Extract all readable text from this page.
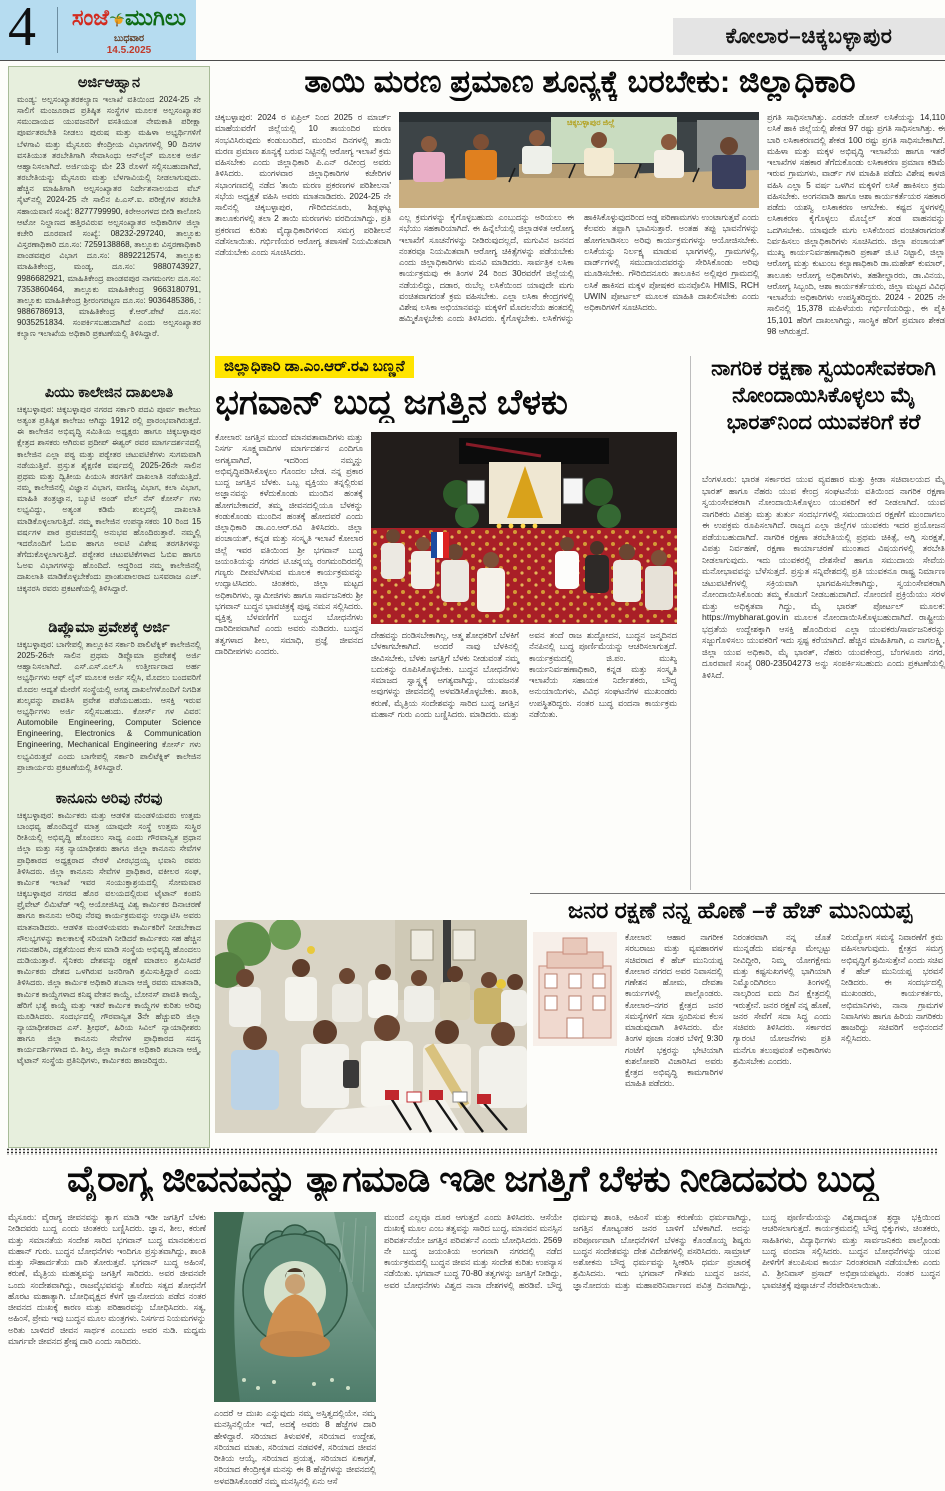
4	ಸಂಜೆ ಮುಗಿಲು
ಬುಧವಾರ
14.5.2025
ಕೋಲಾರ–ಚಿಕ್ಕಬಳ್ಳಾಪುರ
ಅರ್ಜಿಆಹ್ವಾನ
ಮಂಡ್ಯ: ಅಲ್ಪಸಂಖ್ಯಾತರಕಲ್ಯಾಣ ಇಲಾಖೆ ವತಿಯಿಂದ 2024-25 ನೇ ಸಾಲಿಗೆ ಮಂಜೂರಾದ ಪ್ರತಿಷ್ಠಿತ ಸಂಸ್ಥೆಗಳ ಮೂಲಕ ಅಲ್ಪಸಂಖ್ಯಾತರ ಸಮುದಾಯದ ಯುವಜನರಿಗೆ ವಸತಿಯುತ ನೇಮಕಾತಿ ಪರೀಕ್ಷಾ ಪೂರ್ವತರಬೇತಿ ನೀಡಲು ಪುರುಷ ಮತ್ತು ಮಹಿಳಾ ಅಭ್ಯರ್ಥಿಗಳಿಗೆ ಬೆಳಗಾವಿ ಮತ್ತು ಮೈಸೂರು ಕೇಂದ್ರೀಯ ವಿಭಾಗಗಳಲ್ಲಿ 90 ದಿನಗಳ ವಸತಿಯುತ ತರಬೇತಿಗಾಗಿ ಸೇವಾಸಿಂಧು ಆನ್‌ಲೈನ್ ಮೂಲಕ ಅರ್ಜಿ ಆಹ್ವಾನಿಸಲಾಗಿದೆ. ಅರ್ಜಿಯನ್ನು ಮೇ 23 ರೊಳಗೆ ಸಲ್ಲಿಸಬಹುದಾಗಿದೆ, ತರಬೇತಿಯನ್ನು ಮೈಸೂರು ಮತ್ತು ಬೆಳಗಾವಿಯಲ್ಲಿ ನೀಡಲಾಗುವುದು. ಹೆಚ್ಚಿನ ಮಾಹಿತಿಗಾಗಿ ಅಲ್ಪಸಂಖ್ಯಾತರ ನಿರ್ದೇಶನಾಲಯದ ವೆಬ್ ಸೈಟ್‌ನಲ್ಲಿ 2024-25 ನೇ ಸಾಲಿನ ಪಿ.ಎಸ್.ಐ. ಪರೀಕ್ಷೆಗಳ ತರಬೇತಿ ಸಹಾಯವಾಣಿ ಸಂಖ್ಯೆ: 8277799990, ಕಿರೇಅಂಗಳದ ಬೀಡಿ ಕಾಲೋನಿ ಆಟೋ ನಿಲ್ದಾಣದ ಹತ್ತಿರವಿರುವ ಅಲ್ಪಸಂಖ್ಯಾತರ ಅಧಿಕಾರಿಗಳ ಜಿಲ್ಲಾ ಕಚೇರಿ ದೂರವಾಣಿ ಸಂಖ್ಯೆ: 08232-297240, ತಾಲ್ಲೂಕು ವಿಸ್ತರಣಾಧಿಕಾರಿ ದೂ.ಸಂ: 7259138868, ತಾಲ್ಲೂಕು ವಿಸ್ತರಣಾಧಿಕಾರಿ ಪಾಂಡವಪುರ ವಿಭಾಗ ದೂ.ಸಂ: 8892212574, ತಾಲ್ಲೂಕು ಮಾಹಿತಿಕೇಂದ್ರ, ಮಂಡ್ಯ, ದೂ.ಸಂ: 9880743927, 9986682921, ಮಾಹಿತಿಕೇಂದ್ರ ಪಾಂಡವಪುರ ನಾಗಮಂಗಲ ದೂ.ಸಂ: 7353860464, ತಾಲ್ಲೂಕು ಮಾಹಿತಿಕೇಂದ್ರ 9663180791, ತಾಲ್ಲೂಕು ಮಾಹಿತಿಕೇಂದ್ರ ಶ್ರೀರಂಗಪಟ್ಟಣ ದೂ.ಸಂ: 9036485386, : 9886786913, ಮಾಹಿತಿಕೇಂದ್ರ ಕೆ.ಆರ್.ಪೇಟೆ ದೂ.ಸಂ: 9035251834. ಸಂಪರ್ಕಿಸಬಹುದಾಗಿದೆ ಎಂದು ಅಲ್ಪಸಂಖ್ಯಾತರ ಕಲ್ಯಾಣ ಇಲಾಖೆಯ ಅಧಿಕಾರಿ ಪ್ರಕಟಣೆಯಲ್ಲಿ ತಿಳಿಸಿದ್ದಾರೆ.
ಪಿಯು ಕಾಲೇಜಿನ ದಾಖಲಾತಿ
ಚಿಕ್ಕಬಳ್ಳಾಪುರ: ಚಿಕ್ಕಬಳ್ಳಾಪುರ ನಗರದ ಸರ್ಕಾರಿ ಪದವಿ ಪೂರ್ವ ಕಾಲೇಜು ಅತ್ಯಂತ ಪ್ರತಿಷ್ಠಿತ ಕಾಲೇಜು ಆಗಿದ್ದು 1912 ರಲ್ಲಿ ಪ್ರಾರಂಭವಾಗಿರುತ್ತದೆ. ಈ ಕಾಲೇಜಿನ ಅಭಿವೃದ್ಧಿ ಸಮಿತಿಯ ಅಧ್ಯಕ್ಷರು ಹಾಗೂ ಚಿಕ್ಕಬಳ್ಳಾಪುರ ಕ್ಷೇತ್ರದ ಶಾಸಕರು ಆಗಿರುವ ಪ್ರದೀಪ್ ಈಶ್ವರ್ ರವರ ಮಾರ್ಗದರ್ಶನದಲ್ಲಿ ಕಾಲೇಜಿನ ಎಲ್ಲಾ ಪಠ್ಯ ಮತ್ತು ಪಠ್ಯೇತರ ಚಟುವಟಿಕೆಗಳು ಸುಗಮವಾಗಿ ನಡೆಯುತ್ತಿವೆ. ಪ್ರಸ್ತುತ ಶೈಕ್ಷಣಿಕ ವರ್ಷದಲ್ಲಿ 2025-26ನೇ ಸಾಲಿನ ಪ್ರಥಮ ಮತ್ತು ದ್ವಿತೀಯ ಪಿಯುಸಿ ತರಗತಿಗೆ ದಾಖಲಾತಿ ನಡೆಯುತ್ತಿದೆ. ನಮ್ಮ ಕಾಲೇಜಿನಲ್ಲಿ ವಿಜ್ಞಾನ ವಿಭಾಗ, ವಾಣಿಜ್ಯ ವಿಭಾಗ, ಕಲಾ ವಿಭಾಗ, ಮಾಹಿತಿ ತಂತ್ರಜ್ಞಾನ, ಬ್ಯೂಟಿ ಅಂಡ್ ವೆಲ್ ನೆಸ್ ಕೋರ್ಸ್ ಗಳು ಲಭ್ಯವಿದ್ದು, ಅತ್ಯಂತ ಕಡಿಮೆ ಶುಲ್ಕದಲ್ಲಿ ದಾಖಲಾತಿ ಮಾಡಿಕೊಳ್ಳಲಾಗುತ್ತಿದೆ. ನಮ್ಮ ಕಾಲೇಜಿನ ಉಪನ್ಯಾಸಕರು 10 ರಿಂದ 15 ವರ್ಷಗಳ ಪಾಠ ಪ್ರವಚನದಲ್ಲಿ ಅನುಭವ ಹೊಂದಿರುತ್ತಾರೆ. ನಮ್ಮಲ್ಲಿ ಇದರೊಂದಿಗೆ ಓಬಿಐ ಹಾಗೂ ಅಐಟಿ ವಿಶೇಷ ತರಗತಿಗಳನ್ನು ತೆಗೆದುಕೊಳ್ಳಲಾಗುತ್ತಿದೆ. ಪಠ್ಯೇತರ ಚಟುವಟಿಕೆಗಳಾದ ಓಬಿಐ ಹಾಗೂ ಓಅಐ ವಿಭಾಗಗಳನ್ನು ಹೊಂದಿದೆ. ಆದ್ದರಿಂದ ನಮ್ಮ ಕಾಲೇಜಿನಲ್ಲಿ ದಾಖಲಾತಿ ಮಾಡಿಕೊಳ್ಳಬೇಕೆಂದು ಪ್ರಾಂಶುಪಾಲರಾದ ಬಸವರಾಜ ಎಚ್. ಚಿಕ್ಕನರಸಿ ರವರು ಪ್ರಕಟಣೆಯಲ್ಲಿ ತಿಳಿಸಿದ್ದಾರೆ.
ಡಿಪ್ಲೊಮಾ ಪ್ರವೇಶಕ್ಕೆ ಅರ್ಜಿ
ಚಿಕ್ಕಬಳ್ಳಾಪುರ: ಬಾಗೇಪಲ್ಲಿ ತಾಲ್ಲೂಕಿನ ಸರ್ಕಾರಿ ಪಾಲಿಟೆಕ್ನಿಕ್ ಕಾಲೇಜಿನಲ್ಲಿ 2025-26ನೇ ಸಾಲಿನ ಪ್ರಥಮ ಡಿಪ್ಲೊಮಾ ಪ್ರವೇಶಕ್ಕೆ ಅರ್ಜಿ ಆಹ್ವಾನಿಸಲಾಗಿದೆ. ಎಸ್.ಎಸ್.ಎಲ್.ಸಿ ಉತ್ತೀರ್ಣರಾದ ಅರ್ಹ ಅಭ್ಯರ್ಥಿಗಳು ಆಫ್ ಲೈನ್ ಮೂಲಕ ಅರ್ಜಿ ಸಲ್ಲಿಸಿ, ಮೊದಲು ಬಂದವರಿಗೆ ಮೊದಲ ಆದ್ಯತೆ ಮೇರೆಗೆ ಸಂಸ್ಥೆಯಲ್ಲಿ ಅಗತ್ಯ ದಾಖಲೆಗಳೊಂದಿಗೆ ನಿಗದಿತ ಶುಲ್ಕವನ್ನು ಪಾವತಿಸಿ ಪ್ರವೇಶ ಪಡೆಯಬಹುದು. ಆಸಕ್ತಿ ಇರುವ ಅಭ್ಯರ್ಥಿಗಳು ಅರ್ಜಿ ಸಲ್ಲಿಸಬಹುದು. ಕೋರ್ಸ್ ಗಳ ವಿವರ: Automobile Engineering, Computer Science Engineering, Electronics & Communication Engineering, Mechanical Engineering ಕೋರ್ಸ್ ಗಳು ಲಭ್ಯವಿರುತ್ತವೆ ಎಂದು ಬಾಗೇಪಲ್ಲಿ ಸರ್ಕಾರಿ ಪಾಲಿಟೆಕ್ನಿಕ್ ಕಾಲೇಜಿನ ಪ್ರಾಚಾರ್ಯರು ಪ್ರಕಟಣೆಯಲ್ಲಿ ತಿಳಿಸಿದ್ದಾರೆ.
ಕಾನೂನು ಅರಿವು ನೆರವು
ಚಿಕ್ಕಬಳ್ಳಾಪುರ: ಕಾರ್ಮಿಕರು ಮತ್ತು ಆಡಳಿತ ಮಂಡಳಿಯವರು ಉತ್ತಮ ಬಾಂಧವ್ಯ ಹೊಂದಿದ್ದರೆ ಮಾತ್ರ ಯಾವುದೇ ಸಂಸ್ಥೆ ಉತ್ತಮ ಸುಸ್ಥಿರ ರೀತಿಯಲ್ಲಿ ಅಭಿವೃದ್ಧಿ ಹೊಂದಲು ಸಾಧ್ಯ ಎಂದು ಗೌರವಾನ್ವಿತ ಪ್ರಧಾನ ಜಿಲ್ಲಾ ಮತ್ತು ಸತ್ರ ನ್ಯಾಯಾಧೀಶರು ಹಾಗೂ ಜಿಲ್ಲಾ ಕಾನೂನು ಸೇವೆಗಳ ಪ್ರಾಧಿಕಾರದ ಅಧ್ಯಕ್ಷರಾದ ನೇರಳೆ ವೀರಭದ್ರಯ್ಯ ಭವಾನಿ ರವರು ತಿಳಿಸಿದರು. ಜಿಲ್ಲಾ ಕಾನೂನು ಸೇವೆಗಳ ಪ್ರಾಧಿಕಾರ, ವಕೀಲರ ಸಂಘ, ಕಾರ್ಮಿಕ ಇಲಾಖೆ ಇವರ ಸಂಯುಕ್ತಾಶ್ರಯದಲ್ಲಿ ಸೋಮವಾರ ಚಿಕ್ಕಬಳ್ಳಾಪುರ ನಗರದ ಹೊರ ವಲಯದಲ್ಲಿರುವ ಟೈಟಾನ್ ಕಂಪನಿ ಪ್ರೈವೇಟ್ ಲಿಮಿಟೆಡ್ ಇಲ್ಲಿ ಆಯೋಜಿಸಿದ್ದ ವಿಶ್ವ ಕಾರ್ಮಿಕರ ದಿನಾಚರಣೆ ಹಾಗೂ ಕಾನೂನು ಅರಿವು ನೆರವು ಕಾರ್ಯಕ್ರಮವನ್ನು ಉದ್ಘಾಟಿಸಿ ಅವರು ಮಾತನಾಡಿದರು. ಆಡಳಿತ ಮಂಡಳಿಯವರು ಕಾರ್ಮಿಕರಿಗೆ ನೀಡಬೇಕಾದ ಸೌಲಭ್ಯಗಳನ್ನು ಕಾಲಕಾಲಕ್ಕೆ ಸರಿಯಾಗಿ ನೀಡಿದರೆ ಕಾರ್ಮಿಕರು ಸಹ ಹೆಚ್ಚಿನ ಗಮನಹರಿಸಿ, ದಕ್ಷತೆಯಿಂದ ಕೆಲಸ ಮಾಡಿ ಸಂಸ್ಥೆಯ ಅಭಿವೃದ್ಧಿ ಹೊಂದಲು ದುಡಿಯುತ್ತಾರೆ. ಸೈನಿಕರು ದೇಶವನ್ನು ರಕ್ಷಣೆ ಮಾಡಲು ಶ್ರಮಿಸಿದರೆ ಕಾರ್ಮಿಕರು ದೇಶದ ಒಳಗಿರುವ ಜನರಿಗಾಗಿ ಶ್ರಮಿಸುತ್ತಿದ್ದಾರೆ ಎಂದು ತಿಳಿಸಿದರು. ಜಿಲ್ಲಾ ಕಾರ್ಮಿಕ ಅಧಿಕಾರಿ ಶಬಾನಾ ಆಜ್ಮಿ ರವರು ಮಾತನಾಡಿ, ಕಾರ್ಮಿಕ ಕಾಯ್ದೆಗಳಾದ ಕನಿಷ್ಠ ವೇತನ ಕಾಯ್ದೆ, ಬೋನಸ್ ಪಾವತಿ ಕಾಯ್ದೆ, ಹೆರಿಗೆ ಭತ್ಯೆ ಕಾಯ್ದೆ ಮತ್ತು ಇತರೆ ಕಾರ್ಮಿಕ ಕಾಯ್ದೆಗಳ ಕುರಿತು ಅರಿವು ಮೂಡಿಸಿದರು. ಸಂದರ್ಭದಲ್ಲಿ ಗೌರವಾನ್ವಿತ 3ನೇ ಹೆಚ್ಚುವರಿ ಜಿಲ್ಲಾ ನ್ಯಾಯಾಧೀಶರಾದ ಎಸ್. ಶ್ರೀಧರ್, ಹಿರಿಯ ಸಿವಿಲ್ ನ್ಯಾಯಾಧೀಶರು ಹಾಗೂ ಜಿಲ್ಲಾ ಕಾನೂನು ಸೇವೆಗಳ ಪ್ರಾಧಿಕಾರದ ಸದಸ್ಯ ಕಾರ್ಯದರ್ಶಿಗಳಾದ ಬಿ. ಶಿಲ್ಪ, ಜಿಲ್ಲಾ ಕಾರ್ಮಿಕ ಅಧಿಕಾರಿ ಶಬಾನಾ ಆಜ್ಮಿ, ಟೈಟಾನ್ ಸಂಸ್ಥೆಯ ಪ್ರತಿನಿಧಿಗಳು, ಕಾರ್ಮಿಕರು ಹಾಜರಿದ್ದರು.
ತಾಯಿ ಮರಣ ಪ್ರಮಾಣ ಶೂನ್ಯಕ್ಕೆ ಬರಬೇಕು: ಜಿಲ್ಲಾಧಿಕಾರಿ
ಚಿಕ್ಕಬಳ್ಳಾಪುರ: 2024 ರ ಏಪ್ರಿಲ್ ನಿಂದ 2025 ರ ಮಾರ್ಚ್ ಮಾಹೆಯವರೆಗೆ ಜಿಲ್ಲೆಯಲ್ಲಿ 10 ತಾಯಂದಿರ ಮರಣ ಸಂಭವಿಸಿರುವುದು ಕಂಡುಬಂದಿದೆ, ಮುಂದಿನ ದಿನಗಳಲ್ಲಿ ತಾಯಿ ಮರಣ ಪ್ರಮಾಣ ಶೂನ್ಯಕ್ಕೆ ಬರುವ ನಿಟ್ಟಿನಲ್ಲಿ ಆರೋಗ್ಯ ಇಲಾಖೆ ಕ್ರಮ ವಹಿಸಬೇಕು ಎಂದು ಜಿಲ್ಲಾಧಿಕಾರಿ ಪಿ.ಎನ್ ರವೀಂದ್ರ ಅವರು ತಿಳಿಸಿದರು. ಮಂಗಳವಾರ ಜಿಲ್ಲಾಧಿಕಾರಿಗಳ ಕಚೇರಿಗಳ ಸಭಾಂಗಣದಲ್ಲಿ ನಡೆದ 'ತಾಯಿ ಮರಣ ಪ್ರಕರಣಗಳ ಪರಿಶೀಲನಾ' ಸಭೆಯ ಅಧ್ಯಕ್ಷತೆ ವಹಿಸಿ ಅವರು ಮಾತನಾಡಿದರು. 2024-25 ನೇ ಸಾಲಿನಲ್ಲಿ ಚಿಕ್ಕಬಳ್ಳಾಪುರ, ಗೌರಿಬಿದನೂರು, ಶಿಡ್ಲಘಟ್ಟ ತಾಲೂಕುಗಳಲ್ಲಿ ತಲಾ 2 ತಾಯಿ ಮರಣಗಳು ವರದಿಯಾಗಿದ್ದು, ಪ್ರತಿ ಪ್ರಕರಣದ ಕುರಿತು ವೈದ್ಯಾಧಿಕಾರಿಗಳಿಂದ ಸಮಗ್ರ ಪರಿಶೀಲನೆ ನಡೆಸಲಾಯಿತು. ಗರ್ಭಿಣಿಯರ ಆರೋಗ್ಯ ತಪಾಸಣೆ ನಿಯಮಿತವಾಗಿ ನಡೆಯಬೇಕು ಎಂದು ಸೂಚಿಸಿದರು.
ಚಿಕ್ಕಬಳ್ಳಾಪುರ ಜಿಲ್ಲೆ
ಎಲ್ಲ ಕ್ರಮಗಳನ್ನು ಕೈಗೊಳ್ಳಬಹುದು ಎಂಬುದನ್ನು ಅರಿಯಲು ಈ ಸಭೆಯು ಸಹಕಾರಿಯಾಗಿದೆ. ಈ ಹಿನ್ನೆಲೆಯಲ್ಲಿ ಜಿಲ್ಲಾಡಳಿತ ಆರೋಗ್ಯ ಇಲಾಖೆಗೆ ಸೂಚನೆಗಳನ್ನು ನೀಡಿರುವುದಲ್ಲದೆ, ಮಗುವಿನ ಜನನದ ನಂತರವೂ ನಿಯಮಿತವಾಗಿ ಆರೋಗ್ಯ ಚಿಕಿತ್ಸೆಗಳನ್ನು ಪಡೆಯಬೇಕು ಎಂದು ಜಿಲ್ಲಾಧಿಕಾರಿಗಳು ಮನವಿ ಮಾಡಿದರು. ಸಾರ್ವತ್ರಿಕ ಲಸಿಕಾ ಕಾರ್ಯಕ್ರಮವು ಈ ತಿಂಗಳ 24 ರಿಂದ 30ರವರೆಗೆ ಜಿಲ್ಲೆಯಲ್ಲಿ ನಡೆಯಲಿದ್ದು, ದಡಾರ, ರುಬೆಲ್ಲ ಲಸಿಕೆಯಿಂದ ಯಾವುದೇ ಮಗು ವಂಚಿತವಾಗದಂತೆ ಕ್ರಮ ವಹಿಸಬೇಕು. ಎಲ್ಲಾ ಲಸಿಕಾ ಕೇಂದ್ರಗಳಲ್ಲಿ ವಿಶೇಷ ಲಸಿಕಾ ಅಭಿಯಾನವನ್ನು ಮಕ್ಕಳಿಗೆ ಮೊದಲನೆಯ ಹಂತದಲ್ಲಿ ಹಮ್ಮಿಕೊಳ್ಳಬೇಕು ಎಂದು ತಿಳಿಸಿದರು. ಕೈಗೊಳ್ಳಬೇಕು. ಲಸಿಕೆಗಳನ್ನು ಹಾಕಿಸಿಕೊಳ್ಳುವುದರಿಂದ ಅಡ್ಡ ಪರಿಣಾಮಗಳು ಉಂಟಾಗುತ್ತವೆ ಎಂದು ಕೆಲವರು ತಪ್ಪಾಗಿ ಭಾವಿಸುತ್ತಾರೆ. ಅಂತಹ ತಪ್ಪು ಭಾವನೆಗಳನ್ನು ಹೋಗಲಾಡಿಸಲು ಅರಿವು ಕಾರ್ಯಕ್ರಮಗಳನ್ನು ಆಯೋಜಿಸಬೇಕು. ಲಸಿಕೆಯನ್ನು ನಿರ್ಲಕ್ಷ್ಯ ಮಾಡುವ ಭಾಗಗಳಲ್ಲಿ, ಗ್ರಾಮಗಳಲ್ಲಿ, ವಾರ್ಡ್‌ಗಳಲ್ಲಿ ಸಮುದಾಯದವರನ್ನು ಸೇರಿಸಿಕೊಂಡು ಅರಿವು ಮೂಡಿಸಬೇಕು. ಗೌರಿಬಿದನೂರು ತಾಲೂಕಿನ ಅಲ್ಲಿಪುರ ಗ್ರಾಮದಲ್ಲಿ ಲಸಿಕೆ ಹಾಕಿಸದ ಮಕ್ಕಳ ಪೋಷಕರ ಮನವೊಲಿಸಿ HMIS, RCH UWIN ಪೋರ್ಟಲ್ ಮೂಲಕ ಮಾಹಿತಿ ದಾಖಲಿಸಬೇಕು ಎಂದು ಅಧಿಕಾರಿಗಳಿಗೆ ಸೂಚಿಸಿದರು.
ಪ್ರಗತಿ ಸಾಧಿಸಲಾಗಿತ್ತು. ಎರಡನೇ ಡೋಸ್ ಲಸಿಕೆಯನ್ನು 14,110 ಲಸಿಕೆ ಹಾಕಿ ಜಿಲ್ಲೆಯಲ್ಲಿ ಶೇಕಡ 97 ರಷ್ಟು ಪ್ರಗತಿ ಸಾಧಿಸಲಾಗಿತ್ತು. ಈ ಬಾರಿ ಲಸಿಕಾಕರಣದಲ್ಲಿ ಶೇಕಡ 100 ರಷ್ಟು ಪ್ರಗತಿ ಸಾಧಿಸಬೇಕಾಗಿದೆ. ಮಹಿಳಾ ಮತ್ತು ಮಕ್ಕಳ ಅಭಿವೃದ್ಧಿ ಇಲಾಖೆಯ ಹಾಗೂ ಇತರೆ ಇಲಾಖೆಗಳ ಸಹಕಾರ ತೆಗೆದುಕೊಂಡು ಲಸಿಕಾಕರಣ ಪ್ರಮಾಣ ಕಡಿಮೆ ಇರುವ ಗ್ರಾಮಗಳು, ವಾರ್ಡ್ ಗಳ ಮಾಹಿತಿ ಪಡೆದು ವಿಶೇಷ ಕಾಳಜಿ ವಹಿಸಿ ಎಲ್ಲಾ 5 ವರ್ಷ ಒಳಗಿನ ಮಕ್ಕಳಿಗೆ ಲಸಿಕೆ ಹಾಕಿಸಲು ಕ್ರಮ ವಹಿಸಬೇಕು. ಅಂಗನವಾಡಿ ಹಾಗೂ ಆಶಾ ಕಾರ್ಯಕರ್ತೆಯರ ಸಹಕಾರ ಪಡೆದು ಯಶಸ್ವಿ ಲಸಿಕಾಕರಣ ಆಗಬೇಕು. ಕಷ್ಟದ ಸ್ಥಳಗಳಲ್ಲಿ ಲಸಿಕಾಕರಣ ಕೈಗೊಳ್ಳಲು ಮೊಬೈಲ್ ತಂಡ ವಾಹನವನ್ನು ಒದಗಿಸಬೇಕು. ಯಾವುದೇ ಮಗು ಲಸಿಕೆಯಿಂದ ವಂಚಿತರಾಗದಂತೆ ನಿರ್ವಹಿಸಲು ಜಿಲ್ಲಾಧಿಕಾರಿಗಳು ಸೂಚಿಸಿದರು. ಜಿಲ್ಲಾ ಪಂಚಾಯತ್ ಮುಖ್ಯ ಕಾರ್ಯನಿರ್ವಹಣಾಧಿಕಾರಿ ಪ್ರಕಾಶ್ ಜಿ.ಟಿ ನಿಟ್ಟಾಲಿ, ಜಿಲ್ಲಾ ಆರೋಗ್ಯ ಮತ್ತು ಕುಟುಂಬ ಕಲ್ಯಾಣಾಧಿಕಾರಿ ಡಾ.ಮಹೇಶ್ ಕುಮಾರ್, ತಾಲೂಕು ಆರೋಗ್ಯ ಅಧಿಕಾರಿಗಳು, ತಹಶೀಲ್ದಾರರು, ಡಾ.ವಿನಯ, ಆರೋಗ್ಯ ಸಿಬ್ಬಂದಿ, ಆಶಾ ಕಾರ್ಯಕರ್ತೆಯರು, ಜಿಲ್ಲಾ ಮಟ್ಟದ ವಿವಿಧ ಇಲಾಖೆಯ ಅಧಿಕಾರಿಗಳು ಉಪಸ್ಥಿತರಿದ್ದರು. 2024 - 2025 ನೇ ಸಾಲಿನಲ್ಲಿ 15,378 ಮಹಿಳೆಯರು ಗರ್ಭಿಣಿಯರಿದ್ದು, ಈ ಪೈಕಿ 15,101 ಹೆರಿಗೆ ದಾಖಲಾಗಿದ್ದು, ಸಾಂಸ್ಥಿಕ ಹೆರಿಗೆ ಪ್ರಮಾಣ ಶೇಕಡ 98 ಆಗಿರುತ್ತದೆ.
ಜಿಲ್ಲಾಧಿಕಾರಿ ಡಾ.ಎಂ.ಆರ್.ರವಿ ಬಣ್ಣನೆ
ಭಗವಾನ್ ಬುದ್ದ ಜಗತ್ತಿನ ಬೆಳಕು
ಕೋಲಾರ: ಜಗತ್ತಿನ ಮುಂದೆ ಮಾನವತಾವಾದಿಗಳು ಮತ್ತು ನಿಸರ್ಗ ಸೂಕ್ಷ್ಮವಾದಿಗಳ ಮಾರ್ಗದರ್ಶನ ಎಂದಿಗೂ ಅಗತ್ಯವಾಗಿದೆ, ಇದರಿಂದ ನಮ್ಮನ್ನು ಅಭಿವೃದ್ಧಿಪಡಿಸಿಕೊಳ್ಳಲು ಗೊಂದಲ ಬೇಡ. ನನ್ನ ಪ್ರಕಾರ ಬುದ್ದ ಜಗತ್ತಿನ ಬೆಳಕು. ಒಬ್ಬ ವ್ಯಕ್ತಿಯು ತನ್ನಲ್ಲಿರುವ ಅಜ್ಞಾನವನ್ನು ಕಳೆದುಕೊಂಡು ಮುಂದಿನ ಹಂತಕ್ಕೆ ಹೋಗಬೇಕಾದರೆ, ತಮ್ಮ ಜೀವನದಲ್ಲಿಯೂ ಬೆಳಕನ್ನು ಕಂಡುಕೊಂಡು ಮುಂದಿನ ಹಂತಕ್ಕೆ ಹೋದವರೆ ಎಂದು ಜಿಲ್ಲಾಧಿಕಾರಿ ಡಾ.ಎಂ.ಆರ್.ರವಿ ತಿಳಿಸಿದರು. ಜಿಲ್ಲಾ ಪಂಚಾಯತ್, ಕನ್ನಡ ಮತ್ತು ಸಂಸ್ಕೃತಿ ಇಲಾಖೆ ಕೋಲಾರ ಜಿಲ್ಲೆ ಇವರ ವತಿಯಿಂದ ಶ್ರೀ ಭಗವಾನ್ ಬುದ್ಧ ಜಯಂತಿಯನ್ನು ನಗರದ ಟಿ.ಚನ್ನಯ್ಯ ರಂಗಮಂದಿರದಲ್ಲಿ ಗಣ್ಯರು ದೀಪಬೆಳಗಿಸುವ ಮೂಲಕ ಕಾರ್ಯಕ್ರಮವನ್ನು ಉದ್ಘಾಟಿಸಿದರು. ಚಿಂತಕರು, ಜಿಲ್ಲಾ ಮಟ್ಟದ ಅಧಿಕಾರಿಗಳು, ಸ್ವಾಮೀಜಿಗಳು ಹಾಗೂ ಸಾರ್ವಜನಿಕರು ಶ್ರೀ ಭಗವಾನ್ ಬುದ್ಧನ ಭಾವಚಿತ್ರಕ್ಕೆ ಪುಷ್ಪ ನಮನ ಸಲ್ಲಿಸಿದರು. ವ್ಯಕ್ತಿತ್ವ ಬೆಳವಣಿಗೆಗೆ ಬುದ್ಧನ ಬೋಧನೆಗಳು ದಾರಿದೀಪವಾಗಿವೆ ಎಂದು ಅವರು ನುಡಿದರು. ಬುದ್ಧನ ತತ್ವಗಳಾದ ಶೀಲ, ಸಮಾಧಿ, ಪ್ರಜ್ಞೆ ಜೀವನದ ದಾರಿದೀಪಗಳು ಎಂದರು.
ದೇಹವನ್ನು ದಂಡಿಸಬೇಕಾಗಿಲ್ಲ, ಆತ್ಮ ಶೋಧಕರಿಗೆ ಬೆಳಕಿಗೆ ಬೆಳಕಾಗಬೇಕಾಗಿದೆ. ಅಂದರೆ ನಾವು ಬೆಳಕಿನಲ್ಲಿ ಜೀವಿಸಬೇಕು, ಬೆಳಕು ಜಗತ್ತಿಗೆ ಬೆಳಕು ನೀಡುವಂತೆ ನಮ್ಮ ಬದುಕನ್ನು ರೂಪಿಸಿಕೊಳ್ಳಬೇಕು. ಬುದ್ಧನ ಬೋಧನೆಗಳು ಸಮಾಜದ ಸ್ವಾಸ್ಥ್ಯಕ್ಕೆ ಅಗತ್ಯವಾಗಿದ್ದು, ಯುವಜನತೆ ಅವುಗಳನ್ನು ಜೀವನದಲ್ಲಿ ಅಳವಡಿಸಿಕೊಳ್ಳಬೇಕು. ಶಾಂತಿ, ಕರುಣೆ, ಮೈತ್ರಿಯ ಸಂದೇಶವನ್ನು ಸಾರಿದ ಬುದ್ಧ ಜಗತ್ತಿನ ಮಹಾನ್ ಗುರು ಎಂದು ಬಣ್ಣಿಸಿದರು. ಮಾಡಿದರು. ಮತ್ತು ಅವನ ತಂದೆ ರಾಜ ಶುದ್ಧೋದನ, ಬುದ್ಧನ ಜನ್ಮದಿನದ ನೆನಪಿನಲ್ಲಿ ಬುದ್ಧ ಪೂರ್ಣಿಮೆಯನ್ನು ಆಚರಿಸಲಾಗುತ್ತದೆ. ಕಾರ್ಯಕ್ರಮದಲ್ಲಿ ಜಿ.ಪಂ. ಮುಖ್ಯ ಕಾರ್ಯನಿರ್ವಹಣಾಧಿಕಾರಿ, ಕನ್ನಡ ಮತ್ತು ಸಂಸ್ಕೃತಿ ಇಲಾಖೆಯ ಸಹಾಯಕ ನಿರ್ದೇಶಕರು, ಬೌದ್ಧ ಅನುಯಾಯಿಗಳು, ವಿವಿಧ ಸಂಘಟನೆಗಳ ಮುಖಂಡರು ಉಪಸ್ಥಿತರಿದ್ದರು. ನಂತರ ಬುದ್ಧ ವಂದನಾ ಕಾರ್ಯಕ್ರಮ ನಡೆಯಿತು.
ನಾಗರಿಕ ರಕ್ಷಣಾ ಸ್ವಯಂಸೇವಕರಾಗಿ ನೋಂದಾಯಿಸಿಕೊಳ್ಳಲು ಮೈ ಭಾರತ್‌ನಿಂದ ಯುವಕರಿಗೆ ಕರೆ
ಬೆಂಗಳೂರು: ಭಾರತ ಸರ್ಕಾರದ ಯುವ ವ್ಯವಹಾರ ಮತ್ತು ಕ್ರೀಡಾ ಸಚಿವಾಲಯದ ಮೈ ಭಾರತ್ ಹಾಗೂ ನೆಹರು ಯುವ ಕೇಂದ್ರ ಸಂಘಟನೆಯ ವತಿಯಿಂದ ನಾಗರಿಕ ರಕ್ಷಣಾ ಸ್ವಯಂಸೇವಕರಾಗಿ ನೋಂದಾಯಿಸಿಕೊಳ್ಳಲು ಯುವಕರಿಗೆ ಕರೆ ನೀಡಲಾಗಿದೆ. ಯುವ ನಾಗರಿಕರು ವಿಪತ್ತು ಮತ್ತು ತುರ್ತು ಸಂದರ್ಭಗಳಲ್ಲಿ ಸಮುದಾಯದ ರಕ್ಷಣೆಗೆ ಮುಂದಾಗಲು ಈ ಉಪಕ್ರಮ ರೂಪಿಸಲಾಗಿದೆ. ರಾಜ್ಯದ ಎಲ್ಲಾ ಜಿಲ್ಲೆಗಳ ಯುವಕರು ಇದರ ಪ್ರಯೋಜನ ಪಡೆಯಬಹುದಾಗಿದೆ. ನಾಗರಿಕ ರಕ್ಷಣಾ ತರಬೇತಿಯಲ್ಲಿ ಪ್ರಥಮ ಚಿಕಿತ್ಸೆ, ಅಗ್ನಿ ಸುರಕ್ಷತೆ, ವಿಪತ್ತು ನಿರ್ವಹಣೆ, ರಕ್ಷಣಾ ಕಾರ್ಯಾಚರಣೆ ಮುಂತಾದ ವಿಷಯಗಳಲ್ಲಿ ತರಬೇತಿ ನೀಡಲಾಗುವುದು. ಇದು ಯುವಕರಲ್ಲಿ ದೇಶಸೇವೆ ಹಾಗೂ ಸಮುದಾಯ ಸೇವೆಯ ಮನೋಭಾವವನ್ನು ಬೆಳೆಸುತ್ತದೆ. ಪ್ರಸ್ತುತ ಸನ್ನಿವೇಶದಲ್ಲಿ ಪ್ರತಿ ಯುವಕನೂ ರಾಷ್ಟ್ರ ನಿರ್ಮಾಣ ಚಟುವಟಿಕೆಗಳಲ್ಲಿ ಸಕ್ರಿಯವಾಗಿ ಭಾಗವಹಿಸಬೇಕಾಗಿದ್ದು, ಸ್ವಯಂಸೇವಕರಾಗಿ ನೋಂದಾಯಿಸಿಕೊಂಡು ತಮ್ಮ ಕೊಡುಗೆ ನೀಡಬಹುದಾಗಿದೆ. ನೋಂದಣಿ ಪ್ರಕ್ರಿಯೆಯು ಸರಳ ಮತ್ತು ಅಧಿಕೃತವಾ ಗಿದ್ದು, ಮೈ ಭಾರತ್ ಪೋರ್ಟಲ್ ಮೂಲಕ: https://mybharat.gov.in ಮೂಲಕ ನೋಂದಾಯಿಸಿಕೊಳ್ಳಬಹುದಾಗಿದೆ. ರಾಷ್ಟ್ರೀಯ ಭದ್ರತೆಯ ಉದ್ದೇಶಕ್ಕಾಗಿ ಆಸಕ್ತಿ ಹೊಂದಿರುವ ಎಲ್ಲಾ ಯುವಕರು/ಸಾರ್ವಜನಿಕರನ್ನು ಸಜ್ಜುಗೊಳಿಸಲು ಯುವಕರಿಗೆ ಇದು ಸ್ಪಷ್ಟ ಕರೆಯಾಗಿದೆ. ಹೆಚ್ಚಿನ ಮಾಹಿತಿಗಾಗಿ, ಎ ನಾಗಲಕ್ಷ್ಮಿ, ಜಿಲ್ಲಾ ಯುವ ಅಧಿಕಾರಿ, ಮೈ ಭಾರತ್, ನೆಹರು ಯುವಕೇಂದ್ರ, ಬೆಂಗಳೂರು ನಗರ, ದೂರವಾಣಿ ಸಂಖ್ಯೆ 080-23504273 ಅನ್ನು ಸಂಪರ್ಕಿಸಬಹುದು ಎಂದು ಪ್ರಕಟಣೆಯಲ್ಲಿ ತಿಳಿಸಿದೆ.
ಜನರ ರಕ್ಷಣೆ ನನ್ನ ಹೊಣೆ –ಕೆ ಹೆಚ್ ಮುನಿಯಪ್ಪ
ಕೋಲಾರ: ಆಹಾರ ನಾಗರೀಕ ಸರಬರಾಜು ಮತ್ತು ವ್ಯವಹಾರಗಳ ಸಚಿವರಾದ ಕೆ ಹೆಚ್ ಮುನಿಯಪ್ಪ ಕೋಲಾರ ನಗರದ ಅವರ ನಿವಾಸದಲ್ಲಿ ಗಣೇಶನ ಹೋಮ, ದೇವತಾ ಕಾರ್ಯಗಳಲ್ಲಿ ಪಾಲ್ಗೊಂಡರು. ಕೋಲಾರ–ನಗರ ಕ್ಷೇತ್ರದ ಜನರ ಸಮಸ್ಯೆಗಳಿಗೆ ಸದಾ ಸ್ಪಂದಿಸುವ ಕೆಲಸ ಮಾಡುವುದಾಗಿ ತಿಳಿಸಿದರು. ಮೇ ತಿಂಗಳ ಪೂಜಾ ನಂತರ ಬೆಳಿಗ್ಗೆ 9:30 ಗಂಟೆಗೆ ಭಕ್ತರನ್ನು ಭೇಟಿಯಾಗಿ ಕುಶಲೋಪರಿ ವಿಚಾರಿಸಿದ ಅವರು ಕ್ಷೇತ್ರದ ಅಭಿವೃದ್ಧಿ ಕಾಮಗಾರಿಗಳ ಮಾಹಿತಿ ಪಡೆದರು.
ನಿರಂತರವಾಗಿ ನನ್ನ ಜೊತೆ ಮುನ್ನಡೆದು ವರ್ಷಕ್ಕೂ ಮೇಲ್ಪಟ್ಟು ನೀವಿದ್ದೀರಿ, ನಿಮ್ಮ ಯೋಗಕ್ಷೇಮ ಮತ್ತು ಕಷ್ಟಸುಖಗಳಲ್ಲಿ ಭಾಗಿಯಾಗಿ ನಿಮ್ಮೊಂದಿಗಿರಲು ತಿಂಗಳಲ್ಲಿ ನಾಲ್ಕರಿಂದ ಐದು ದಿನ ಕ್ಷೇತ್ರದಲ್ಲಿ ಇರುತ್ತೇನೆ. ಜನರ ರಕ್ಷಣೆ ನನ್ನ ಹೊಣೆ, ಜನರ ಸೇವೆಗೆ ಸದಾ ಸಿದ್ಧ ಎಂದು ಸಚಿವರು ತಿಳಿಸಿದರು. ಸರ್ಕಾರದ ಗ್ಯಾರಂಟಿ ಯೋಜನೆಗಳು ಪ್ರತಿ ಮನೆಗೂ ತಲುಪುವಂತೆ ಅಧಿಕಾರಿಗಳು ಶ್ರಮಿಸಬೇಕು ಎಂದರು.
ನಿರುದ್ಯೋಗ ಸಮಸ್ಯೆ ನಿವಾರಣೆಗೆ ಕ್ರಮ ವಹಿಸಲಾಗುವುದು. ಕ್ಷೇತ್ರದ ಸಮಗ್ರ ಅಭಿವೃದ್ಧಿಗೆ ಶ್ರಮಿಸುತ್ತೇನೆ ಎಂದು ಸಚಿವ ಕೆ ಹೆಚ್ ಮುನಿಯಪ್ಪ ಭರವಸೆ ನೀಡಿದರು. ಈ ಸಂದರ್ಭದಲ್ಲಿ ಮುಖಂಡರು, ಕಾರ್ಯಕರ್ತರು, ಅಭಿಮಾನಿಗಳು, ನಾನಾ ಗ್ರಾಮಗಳ ನಿವಾಸಿಗಳು ಹಾಗೂ ಹಿರಿಯ ನಾಗರಿಕರು ಹಾಜರಿದ್ದು ಸಚಿವರಿಗೆ ಅಭಿನಂದನೆ ಸಲ್ಲಿಸಿದರು.
ವೈರಾಗ್ಯ ಜೀವನವನ್ನು ತ್ಯಾಗಮಾಡಿ ಇಡೀ ಜಗತ್ತಿಗೆ ಬೆಳಕು ನೀಡಿದವರು ಬುದ್ದ
ಮೈಸೂರು: ವೈರಾಗ್ಯ ಜೀವನವನ್ನು ತ್ಯಾಗ ಮಾಡಿ ಇಡೀ ಜಗತ್ತಿಗೆ ಬೆಳಕು ನೀಡಿದವರು ಬುದ್ದ ಎಂದು ಚಿಂತಕರು ಬಣ್ಣಿಸಿದರು. ಜ್ಞಾನ, ಶೀಲ, ಕರುಣೆ ಮತ್ತು ಸಮಾನತೆಯ ಸಂದೇಶ ಸಾರಿದ ಭಗವಾನ್ ಬುದ್ಧ ಮಾನವಕುಲದ ಮಹಾನ್ ಗುರು. ಬುದ್ಧನ ಬೋಧನೆಗಳು ಇಂದಿಗೂ ಪ್ರಸ್ತುತವಾಗಿದ್ದು, ಶಾಂತಿ ಮತ್ತು ಸೌಹಾರ್ದತೆಯ ದಾರಿ ತೋರುತ್ತವೆ. ಭಗವಾನ್ ಬುದ್ಧ ಅಹಿಂಸೆ, ಕರುಣೆ, ಮೈತ್ರಿಯ ಮಹತ್ವವನ್ನು ಜಗತ್ತಿಗೆ ಸಾರಿದರು. ಅವರ ಜೀವನವೇ ಒಂದು ಸಂದೇಶವಾಗಿದ್ದು, ರಾಜವೈಭವವನ್ನು ತೊರೆದು ಸತ್ಯದ ಶೋಧನೆಗೆ ಹೊರಟ ಮಹಾತ್ಯಾಗಿ. ಬೋಧಿವೃಕ್ಷದ ಕೆಳಗೆ ಜ್ಞಾನೋದಯ ಪಡೆದ ನಂತರ ಜೀವನದ ದುಃಖಕ್ಕೆ ಕಾರಣ ಮತ್ತು ಪರಿಹಾರವನ್ನು ಬೋಧಿಸಿದರು. ಸತ್ಯ, ಅಹಿಂಸೆ, ಪ್ರೇಮ ಇವು ಬುದ್ಧನ ಮೂಲ ಮಂತ್ರಗಳು. ನಿಸರ್ಗದ ನಿಯಮಗಳನ್ನು ಅರಿತು ಬಾಳಿದರೆ ಜೀವನ ಸಾರ್ಥಕ ಎಂಬುದು ಅವರ ನುಡಿ. ಮಧ್ಯಮ ಮಾರ್ಗವೇ ಜೀವನದ ಶ್ರೇಷ್ಠ ದಾರಿ ಎಂದು ಸಾರಿದರು.
ಎಂದರೆ ಆ ದುಃಖ ಎನ್ನುವುದು ನಮ್ಮ ಅಸ್ತಿತ್ವದಲ್ಲಿಯೇ, ನಮ್ಮ ಮನಸ್ಸಿನಲ್ಲಿಯೇ ಇದೆ, ಅದಕ್ಕೆ ಅವರು 8 ಹೆಜ್ಜೆಗಳ ದಾರಿ ಹೇಳಿದ್ದಾರೆ. ಸರಿಯಾದ ತಿಳುವಳಿಕೆ, ಸರಿಯಾದ ಉದ್ದೇಶ, ಸರಿಯಾದ ಮಾತು, ಸರಿಯಾದ ನಡವಳಿಕೆ, ಸರಿಯಾದ ಜೀವನ ರೀತಿಯ ಆಯ್ಕೆ, ಸರಿಯಾದ ಪ್ರಯತ್ನ, ಸರಿಯಾದ ಏಕಾಗ್ರತೆ, ಸರಿಯಾದ ಕೇಂದ್ರೀಕೃತ ಮನಸ್ಸು ಈ 8 ಹೆಜ್ಜೆಗಳನ್ನು ಜೀವನದಲ್ಲಿ ಅಳವಡಿಸಿಕೊಂಡರೆ ನಮ್ಮ ಮನಸ್ಸಿನಲ್ಲಿ ಏನು ಆಸೆ
ಮುಂದೆ ಎಲ್ಲವೂ ದೂರ ಆಗುತ್ತದೆ ಎಂದು ತಿಳಿಸಿದರು. ಆಸೆಯೇ ದುಃಖಕ್ಕೆ ಮೂಲ ಎಂಬ ತತ್ವವನ್ನು ಸಾರಿದ ಬುದ್ಧ, ಮಾನವನ ಮನಸ್ಸಿನ ಪರಿವರ್ತನೆಯೇ ಜಗತ್ತಿನ ಪರಿವರ್ತನೆ ಎಂದು ಬೋಧಿಸಿದರು. 2569 ನೇ ಬುದ್ಧ ಜಯಂತಿಯ ಅಂಗವಾಗಿ ನಗರದಲ್ಲಿ ನಡೆದ ಕಾರ್ಯಕ್ರಮದಲ್ಲಿ ಬುದ್ಧನ ಜೀವನ ಮತ್ತು ಸಂದೇಶ ಕುರಿತು ಉಪನ್ಯಾಸ ನಡೆಯಿತು. ಭಗವಾನ್ ಬುದ್ಧ 70-80 ತತ್ವಗಳನ್ನು ಜಗತ್ತಿಗೆ ನೀಡಿದ್ದು, ಅವರ ಬೋಧನೆಗಳು ವಿಶ್ವದ ನಾನಾ ದೇಶಗಳಲ್ಲಿ ಹರಡಿವೆ. ಬೌದ್ಧ ಧರ್ಮವು ಶಾಂತಿ, ಅಹಿಂಸೆ ಮತ್ತು ಕರುಣೆಯ ಧರ್ಮವಾಗಿದ್ದು, ಜಗತ್ತಿನ ಕೋಟ್ಯಂತರ ಜನರ ಬಾಳಿಗೆ ಬೆಳಕಾಗಿದೆ. ಅದನ್ನು ಪರಿಪೂರ್ಣವಾಗಿ ಬೋಧನೆಗಳಿಗೆ ಬೆಳಕನ್ನು ಕೊಂಡೊಯ್ದ ಶಿಷ್ಯರು ಬುದ್ಧನ ಸಂದೇಶವನ್ನು ದೇಶ ವಿದೇಶಗಳಲ್ಲಿ ಪಸರಿಸಿದರು. ಸಾಮ್ರಾಟ್ ಅಶೋಕನು ಬೌದ್ಧ ಧರ್ಮವನ್ನು ಸ್ವೀಕರಿಸಿ ಧರ್ಮ ಪ್ರಚಾರಕ್ಕೆ ಶ್ರಮಿಸಿದನು. ಇದು ಭಗವಾನ್ ಗೌತಮ ಬುದ್ಧನ ಜನನ, ಜ್ಞಾನೋದಯ ಮತ್ತು ಮಹಾಪರಿನಿರ್ವಾಣದ ಪವಿತ್ರ ದಿನವಾಗಿದ್ದು, ಬುದ್ಧ ಪೂರ್ಣಿಮೆಯನ್ನು ವಿಶ್ವದಾದ್ಯಂತ ಶ್ರದ್ಧಾ ಭಕ್ತಿಯಿಂದ ಆಚರಿಸಲಾಗುತ್ತದೆ. ಕಾರ್ಯಕ್ರಮದಲ್ಲಿ ಬೌದ್ಧ ಭಿಕ್ಕುಗಳು, ಚಿಂತಕರು, ಸಾಹಿತಿಗಳು, ವಿದ್ಯಾರ್ಥಿಗಳು ಮತ್ತು ಸಾರ್ವಜನಿಕರು ಪಾಲ್ಗೊಂಡು ಬುದ್ಧ ವಂದನಾ ಸಲ್ಲಿಸಿದರು. ಬುದ್ಧನ ಬೋಧನೆಗಳನ್ನು ಯುವ ಪೀಳಿಗೆಗೆ ತಲುಪಿಸುವ ಕಾರ್ಯ ನಿರಂತರವಾಗಿ ನಡೆಯಬೇಕು ಎಂದು ವಿ. ಶ್ರೀನಿವಾಸ್ ಪ್ರಸಾದ್ ಅಭಿಪ್ರಾಯಪಟ್ಟರು. ನಂತರ ಬುದ್ಧನ ಭಾವಚಿತ್ರಕ್ಕೆ ಪುಷ್ಪಾರ್ಚನೆ ನೆರವೇರಿಸಲಾಯಿತು.
